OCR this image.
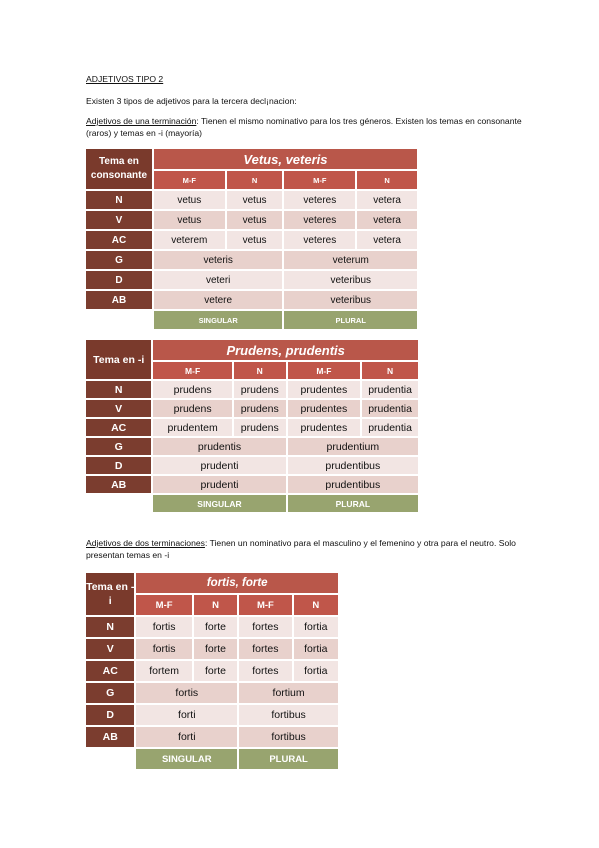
ADJETIVOS TIPO 2
Existen 3 tipos de adjetivos para la tercera decl¡nacion:
Adjetivos de una terminación: Tienen el mismo nominativo para los tres géneros. Existen los temas en consonante (raros) y temas en -i (mayoría)
Tema en consonante	Vetus, veteris			
	M-F	N	M-F	N
N	vetus	vetus	veteres	vetera
V	vetus	vetus	veteres	vetera
AC	veterem	vetus	veteres	vetera
G	veteris		veterum	
D	veteri		veteribus	
AB	vetere		veteribus	
	SINGULAR		PLURAL	
Tema en -i	Prudens, prudentis			
	M-F	N	M-F	N
N	prudens	prudens	prudentes	prudentia
V	prudens	prudens	prudentes	prudentia
AC	prudentem	prudens	prudentes	prudentia
G	prudentis		prudentium	
D	prudenti		prudentibus	
AB	prudenti		prudentibus	
	SINGULAR		PLURAL	
Adjetivos de dos terminaciones: Tienen un nominativo para el masculino y el femenino y otra para el neutro. Solo presentan temas en -i
Tema en -i	fortis, forte			
	M-F	N	M-F	N
N	fortis	forte	fortes	fortia
V	fortis	forte	fortes	fortia
AC	fortem	forte	fortes	fortia
G	fortis		fortium	
D	forti		fortibus	
AB	forti		fortibus	
	SINGULAR		PLURAL	
